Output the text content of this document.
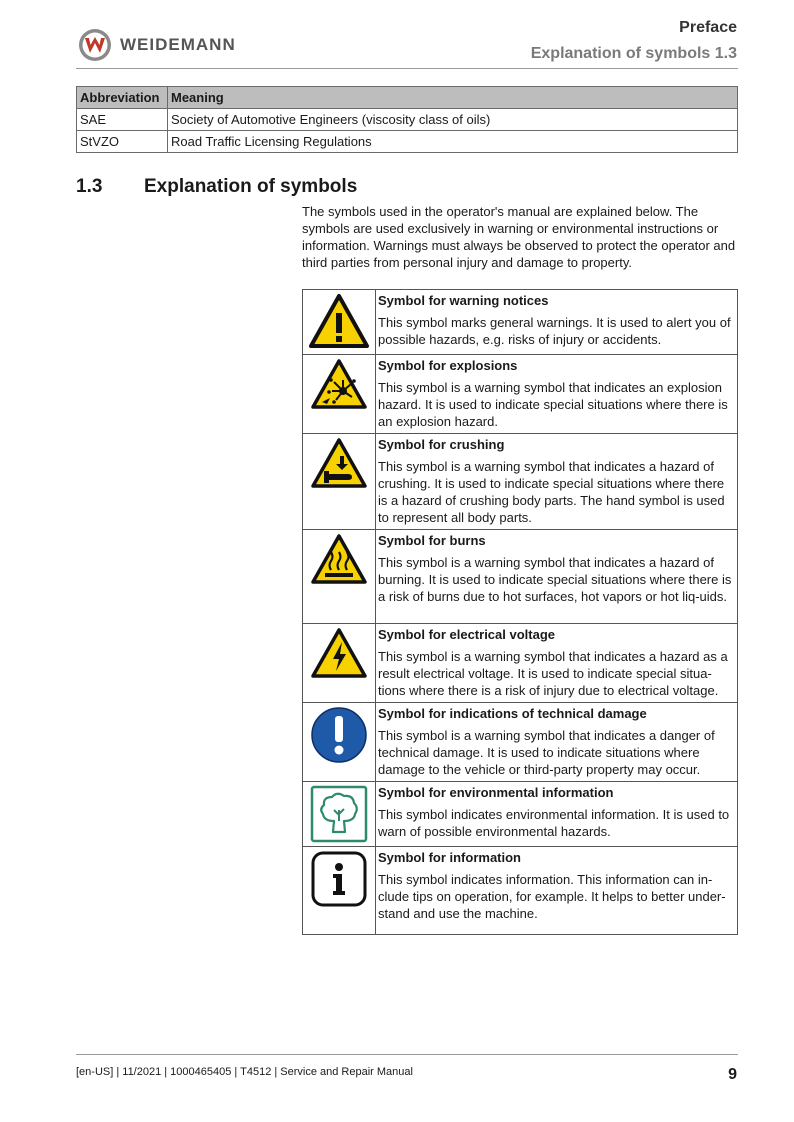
WEIDEMANN
Preface
Explanation of symbols 1.3
Abbreviation	Meaning
SAE	Society of Automotive Engineers (viscosity class of oils)
StVZO	Road Traffic Licensing Regulations
1.3 Explanation of symbols
The symbols used in the operator's manual are explained below. The symbols are used exclusively in warning or environmental instructions or information. Warnings must always be observed to protect the operator and third parties from personal injury and damage to property.

Symbol for warning notices
This symbol marks general warnings. It is used to alert you of possible hazards, e.g. risks of injury or accidents.

Symbol for explosions
This symbol is a warning symbol that indicates an explosion hazard. It is used to indicate special situations where there is an explosion hazard.

Symbol for crushing
This symbol is a warning symbol that indicates a hazard of crushing. It is used to indicate special situations where there is a hazard of crushing body parts. The hand symbol is used to represent all body parts.

Symbol for burns
This symbol is a warning symbol that indicates a hazard of burning. It is used to indicate special situations where there is a risk of burns due to hot surfaces, hot vapors or hot liq-uids.

Symbol for electrical voltage
This symbol is a warning symbol that indicates a hazard as a result electrical voltage. It is used to indicate special situa-tions where there is a risk of injury due to electrical voltage.

Symbol for indications of technical damage
This symbol is a warning symbol that indicates a danger of technical damage. It is used to indicate situations where damage to the vehicle or third-party property may occur.

Symbol for environmental information
This symbol indicates environmental information. It is used to warn of possible environmental hazards.

Symbol for information
This symbol indicates information. This information can in-clude tips on operation, for example. It helps to better under-stand and use the machine.
[en-US] | 11/2021 | 1000465405 | T4512 | Service and Repair Manual	9
